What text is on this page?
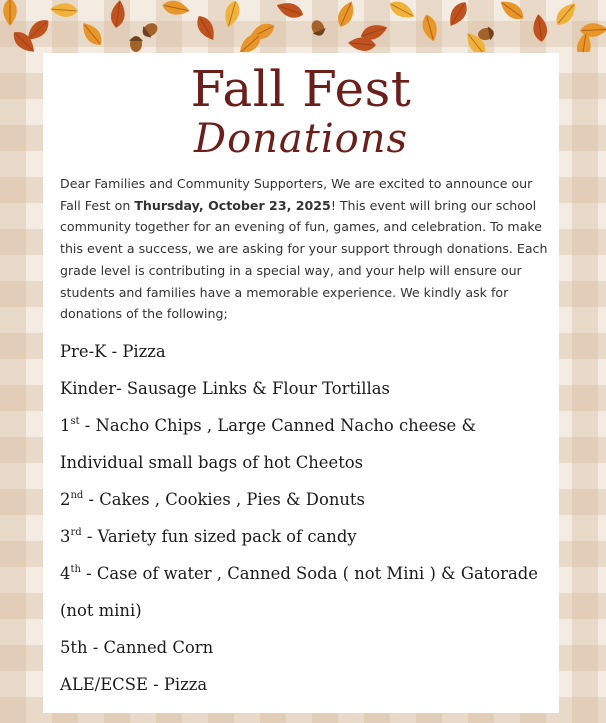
Fall Fest
Donations

Dear Families and Community Supporters, We are excited to announce our Fall Fest on Thursday, October 23, 2025! This event will bring our school community together for an evening of fun, games, and celebration. To make this event a success, we are asking for your support through donations. Each grade level is contributing in a special way, and your help will ensure our students and families have a memorable experience. We kindly ask for donations of the following;

Pre-K - Pizza
Kinder- Sausage Links & Flour Tortillas
1st - Nacho Chips , Large Canned Nacho cheese &
Individual small bags of hot Cheetos
2nd - Cakes , Cookies , Pies & Donuts
3rd - Variety fun sized pack of candy
4th - Case of water , Canned Soda ( not Mini ) & Gatorade
(not mini)
5th - Canned Corn
ALE/ECSE - Pizza
